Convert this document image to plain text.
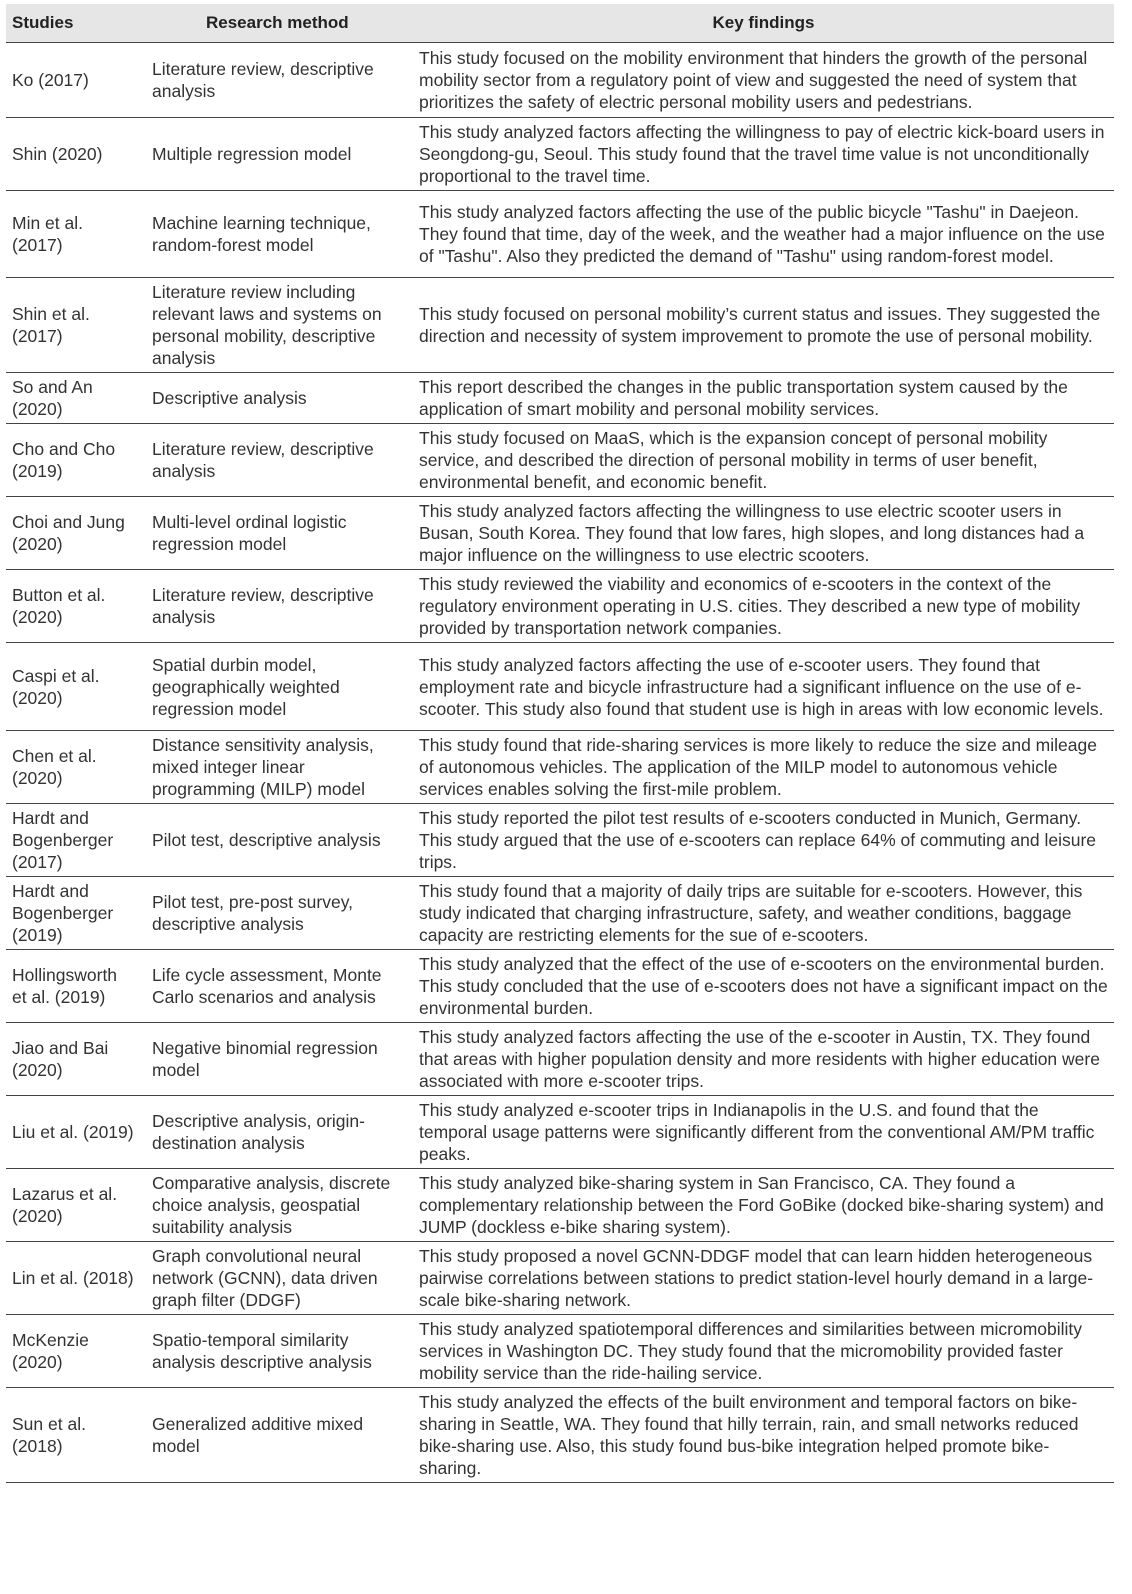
Studies	Research method	Key findings
Ko (2017)	Literature review, descriptive analysis	This study focused on the mobility environment that hinders the growth of the personal mobility sector from a regulatory point of view and suggested the need of system that prioritizes the safety of electric personal mobility users and pedestrians.
Shin (2020)	Multiple regression model	This study analyzed factors affecting the willingness to pay of electric kick-board users in Seongdong-gu, Seoul. This study found that the travel time value is not unconditionally proportional to the travel time.
Min et al. (2017)	Machine learning technique, random-forest model	This study analyzed factors affecting the use of the public bicycle "Tashu" in Daejeon. They found that time, day of the week, and the weather had a major influence on the use of "Tashu". Also they predicted the demand of "Tashu" using random-forest model.
Shin et al. (2017)	Literature review including relevant laws and systems on personal mobility, descriptive analysis	This study focused on personal mobility’s current status and issues. They suggested the direction and necessity of system improvement to promote the use of personal mobility.
So and An (2020)	Descriptive analysis	This report described the changes in the public transportation system caused by the application of smart mobility and personal mobility services.
Cho and Cho (2019)	Literature review, descriptive analysis	This study focused on MaaS, which is the expansion concept of personal mobility service, and described the direction of personal mobility in terms of user benefit, environmental benefit, and economic benefit.
Choi and Jung (2020)	Multi-level ordinal logistic regression model	This study analyzed factors affecting the willingness to use electric scooter users in Busan, South Korea. They found that low fares, high slopes, and long distances had a major influence on the willingness to use electric scooters.
Button et al. (2020)	Literature review, descriptive analysis	This study reviewed the viability and economics of e-scooters in the context of the regulatory environment operating in U.S. cities. They described a new type of mobility provided by transportation network companies.
Caspi et al. (2020)	Spatial durbin model, geographically weighted regression model	This study analyzed factors affecting the use of e-scooter users. They found that employment rate and bicycle infrastructure had a significant influence on the use of e-scooter. This study also found that student use is high in areas with low economic levels.
Chen et al. (2020)	Distance sensitivity analysis, mixed integer linear programming (MILP) model	This study found that ride-sharing services is more likely to reduce the size and mileage of autonomous vehicles. The application of the MILP model to autonomous vehicle services enables solving the first-mile problem.
Hardt and Bogenberger (2017)	Pilot test, descriptive analysis	This study reported the pilot test results of e-scooters conducted in Munich, Germany. This study argued that the use of e-scooters can replace 64% of commuting and leisure trips.
Hardt and Bogenberger (2019)	Pilot test, pre-post survey, descriptive analysis	This study found that a majority of daily trips are suitable for e-scooters. However, this study indicated that charging infrastructure, safety, and weather conditions, baggage capacity are restricting elements for the sue of e-scooters.
Hollingsworth et al. (2019)	Life cycle assessment, Monte Carlo scenarios and analysis	This study analyzed that the effect of the use of e-scooters on the environmental burden. This study concluded that the use of e-scooters does not have a significant impact on the environmental burden.
Jiao and Bai (2020)	Negative binomial regression model	This study analyzed factors affecting the use of the e-scooter in Austin, TX. They found that areas with higher population density and more residents with higher education were associated with more e-scooter trips.
Liu et al. (2019)	Descriptive analysis, origin-destination analysis	This study analyzed e-scooter trips in Indianapolis in the U.S. and found that the temporal usage patterns were significantly different from the conventional AM/PM traffic peaks.
Lazarus et al. (2020)	Comparative analysis, discrete choice analysis, geospatial suitability analysis	This study analyzed bike-sharing system in San Francisco, CA. They found a complementary relationship between the Ford GoBike (docked bike-sharing system) and JUMP (dockless e-bike sharing system).
Lin et al. (2018)	Graph convolutional neural network (GCNN), data driven graph filter (DDGF)	This study proposed a novel GCNN-DDGF model that can learn hidden heterogeneous pairwise correlations between stations to predict station-level hourly demand in a large-scale bike-sharing network.
McKenzie (2020)	Spatio-temporal similarity analysis descriptive analysis	This study analyzed spatiotemporal differences and similarities between micromobility services in Washington DC. They study found that the micromobility provided faster mobility service than the ride-hailing service.
Sun et al. (2018)	Generalized additive mixed model	This study analyzed the effects of the built environment and temporal factors on bike-sharing in Seattle, WA. They found that hilly terrain, rain, and small networks reduced bike-sharing use. Also, this study found bus-bike integration helped promote bike-sharing.
